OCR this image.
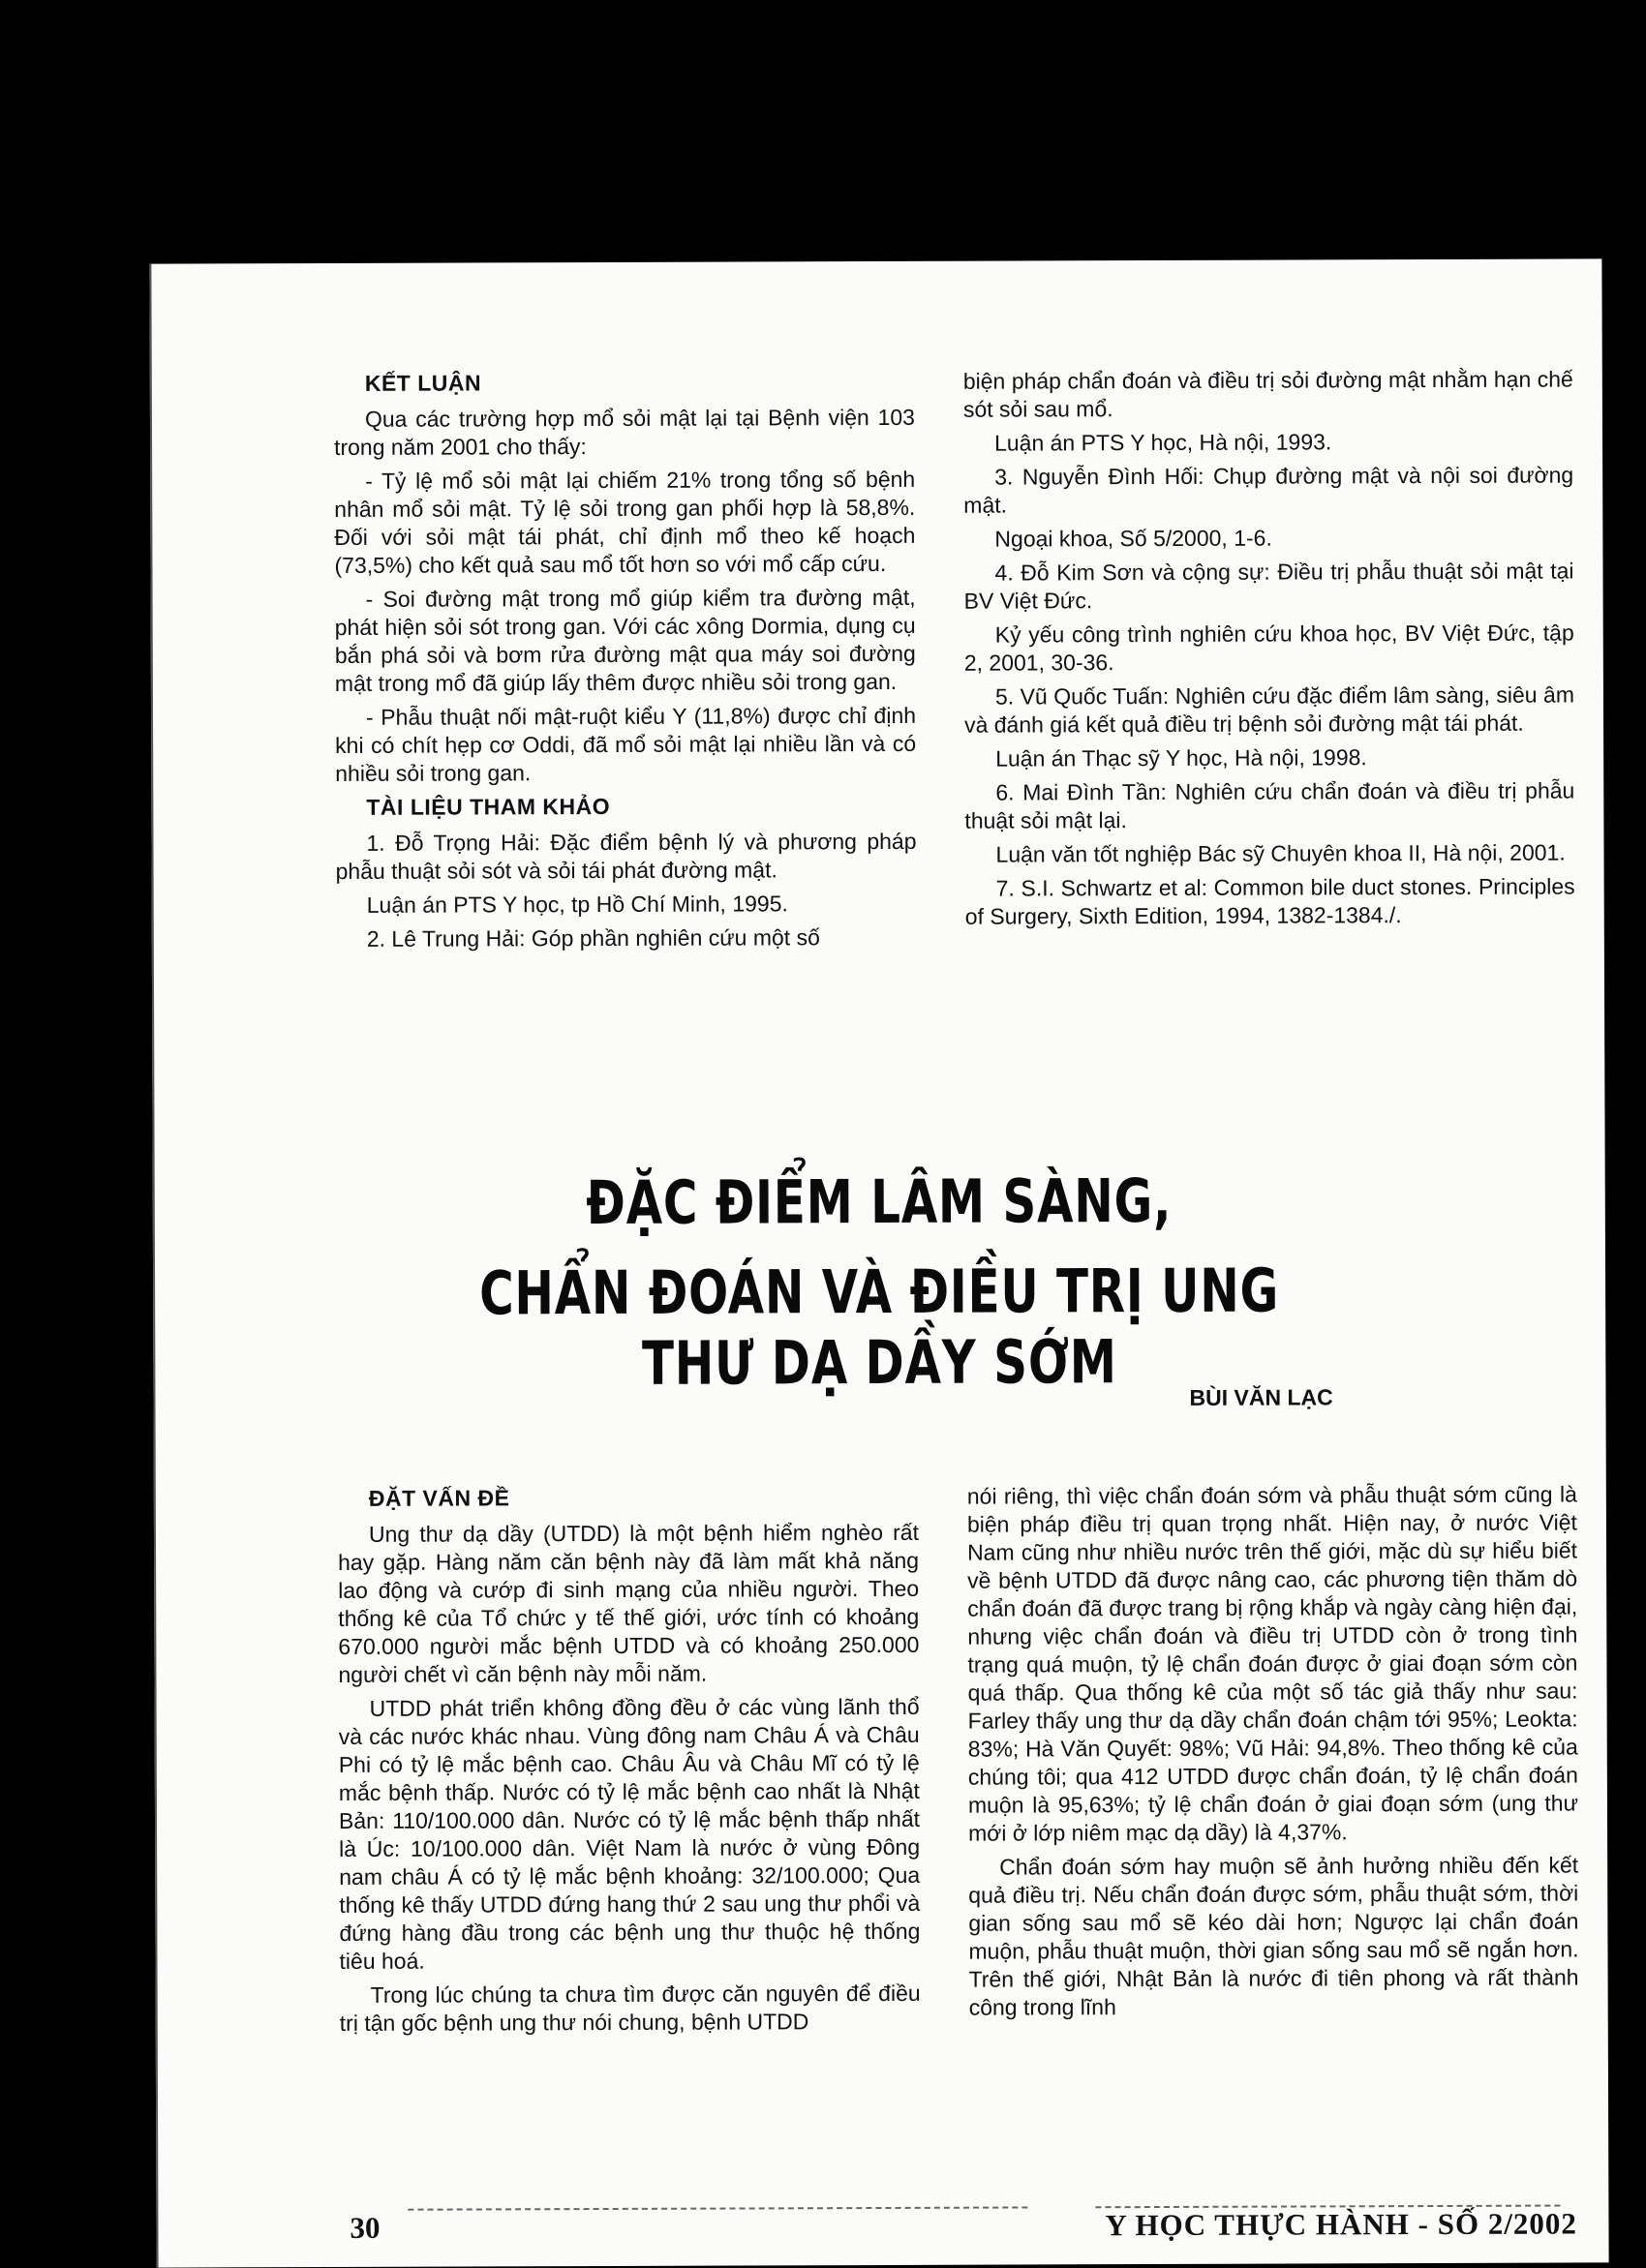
KẾT LUẬN

Qua các trường hợp mổ sỏi mật lại tại Bệnh viện 103 trong năm 2001 cho thấy:

- Tỷ lệ mổ sỏi mật lại chiếm 21% trong tổng số bệnh nhân mổ sỏi mật. Tỷ lệ sỏi trong gan phối hợp là 58,8%. Đối với sỏi mật tái phát, chỉ định mổ theo kế hoạch (73,5%) cho kết quả sau mổ tốt hơn so với mổ cấp cứu.

- Soi đường mật trong mổ giúp kiểm tra đường mật, phát hiện sỏi sót trong gan. Với các xông Dormia, dụng cụ bắn phá sỏi và bơm rửa đường mật qua máy soi đường mật trong mổ đã giúp lấy thêm được nhiều sỏi trong gan.

- Phẫu thuật nối mật-ruột kiểu Y (11,8%) được chỉ định khi có chít hẹp cơ Oddi, đã mổ sỏi mật lại nhiều lần và có nhiều sỏi trong gan.

TÀI LIỆU THAM KHẢO

1. Đỗ Trọng Hải: Đặc điểm bệnh lý và phương pháp phẫu thuật sỏi sót và sỏi tái phát đường mật.

Luận án PTS Y học, tp Hồ Chí Minh, 1995.

2. Lê Trung Hải: Góp phần nghiên cứu một số

biện pháp chẩn đoán và điều trị sỏi đường mật nhằm hạn chế sót sỏi sau mổ.

Luận án PTS Y học, Hà nội, 1993.

3. Nguyễn Đình Hối: Chụp đường mật và nội soi đường mật.

Ngoại khoa, Số 5/2000, 1-6.

4. Đỗ Kim Sơn và cộng sự: Điều trị phẫu thuật sỏi mật tại BV Việt Đức.

Kỷ yếu công trình nghiên cứu khoa học, BV Việt Đức, tập 2, 2001, 30-36.

5. Vũ Quốc Tuấn: Nghiên cứu đặc điểm lâm sàng, siêu âm và đánh giá kết quả điều trị bệnh sỏi đường mật tái phát.

Luận án Thạc sỹ Y học, Hà nội, 1998.

6. Mai Đình Tần: Nghiên cứu chẩn đoán và điều trị phẫu thuật sỏi mật lại.

Luận văn tốt nghiệp Bác sỹ Chuyên khoa II, Hà nội, 2001.

7. S.I. Schwartz et al: Common bile duct stones. Principles of Surgery, Sixth Edition, 1994, 1382-1384./.

ĐẶC ĐIỂM LÂM SÀNG,
CHẨN ĐOÁN VÀ ĐIỀU TRỊ UNG THƯ DẠ DẦY SỚM	BÙI VĂN LẠC
ĐẶT VẤN ĐỀ

Ung thư dạ dầy (UTDD) là một bệnh hiểm nghèo rất hay gặp. Hàng năm căn bệnh này đã làm mất khả năng lao động và cướp đi sinh mạng của nhiều người. Theo thống kê của Tổ chức y tế thế giới, ước tính có khoảng 670.000 người mắc bệnh UTDD và có khoảng 250.000 người chết vì căn bệnh này mỗi năm.

UTDD phát triển không đồng đều ở các vùng lãnh thổ và các nước khác nhau. Vùng đông nam Châu Á và Châu Phi có tỷ lệ mắc bệnh cao. Châu Âu và Châu Mĩ có tỷ lệ mắc bệnh thấp. Nước có tỷ lệ mắc bệnh cao nhất là Nhật Bản: 110/100.000 dân. Nước có tỷ lệ mắc bệnh thấp nhất là Úc: 10/100.000 dân. Việt Nam là nước ở vùng Đông nam châu Á có tỷ lệ mắc bệnh khoảng: 32/100.000; Qua thống kê thấy UTDD đứng hang thứ 2 sau ung thư phổi và đứng hàng đầu trong các bệnh ung thư thuộc hệ thống tiêu hoá.

Trong lúc chúng ta chưa tìm được căn nguyên để điều trị tận gốc bệnh ung thư nói chung, bệnh UTDD

nói riêng, thì việc chẩn đoán sớm và phẫu thuật sớm cũng là biện pháp điều trị quan trọng nhất. Hiện nay, ở nước Việt Nam cũng như nhiều nước trên thế giới, mặc dù sự hiểu biết về bệnh UTDD đã được nâng cao, các phương tiện thăm dò chẩn đoán đã được trang bị rộng khắp và ngày càng hiện đại, nhưng việc chẩn đoán và điều trị UTDD còn ở trong tình trạng quá muộn, tỷ lệ chẩn đoán được ở giai đoạn sớm còn quá thấp. Qua thống kê của một số tác giả thấy như sau: Farley thấy ung thư dạ dầy chẩn đoán chậm tới 95%; Leokta: 83%; Hà Văn Quyết: 98%; Vũ Hải: 94,8%. Theo thống kê của chúng tôi; qua 412 UTDD được chẩn đoán, tỷ lệ chẩn đoán muộn là 95,63%; tỷ lệ chẩn đoán ở giai đoạn sớm (ung thư mới ở lớp niêm mạc dạ dầy) là 4,37%.

Chẩn đoán sớm hay muộn sẽ ảnh hưởng nhiều đến kết quả điều trị. Nếu chẩn đoán được sớm, phẫu thuật sớm, thời gian sống sau mổ sẽ kéo dài hơn; Ngược lại chẩn đoán muộn, phẫu thuật muộn, thời gian sống sau mổ sẽ ngắn hơn. Trên thế giới, Nhật Bản là nước đi tiên phong và rất thành công trong lĩnh

30	Y HỌC THỰC HÀNH - SỐ 2/2002
